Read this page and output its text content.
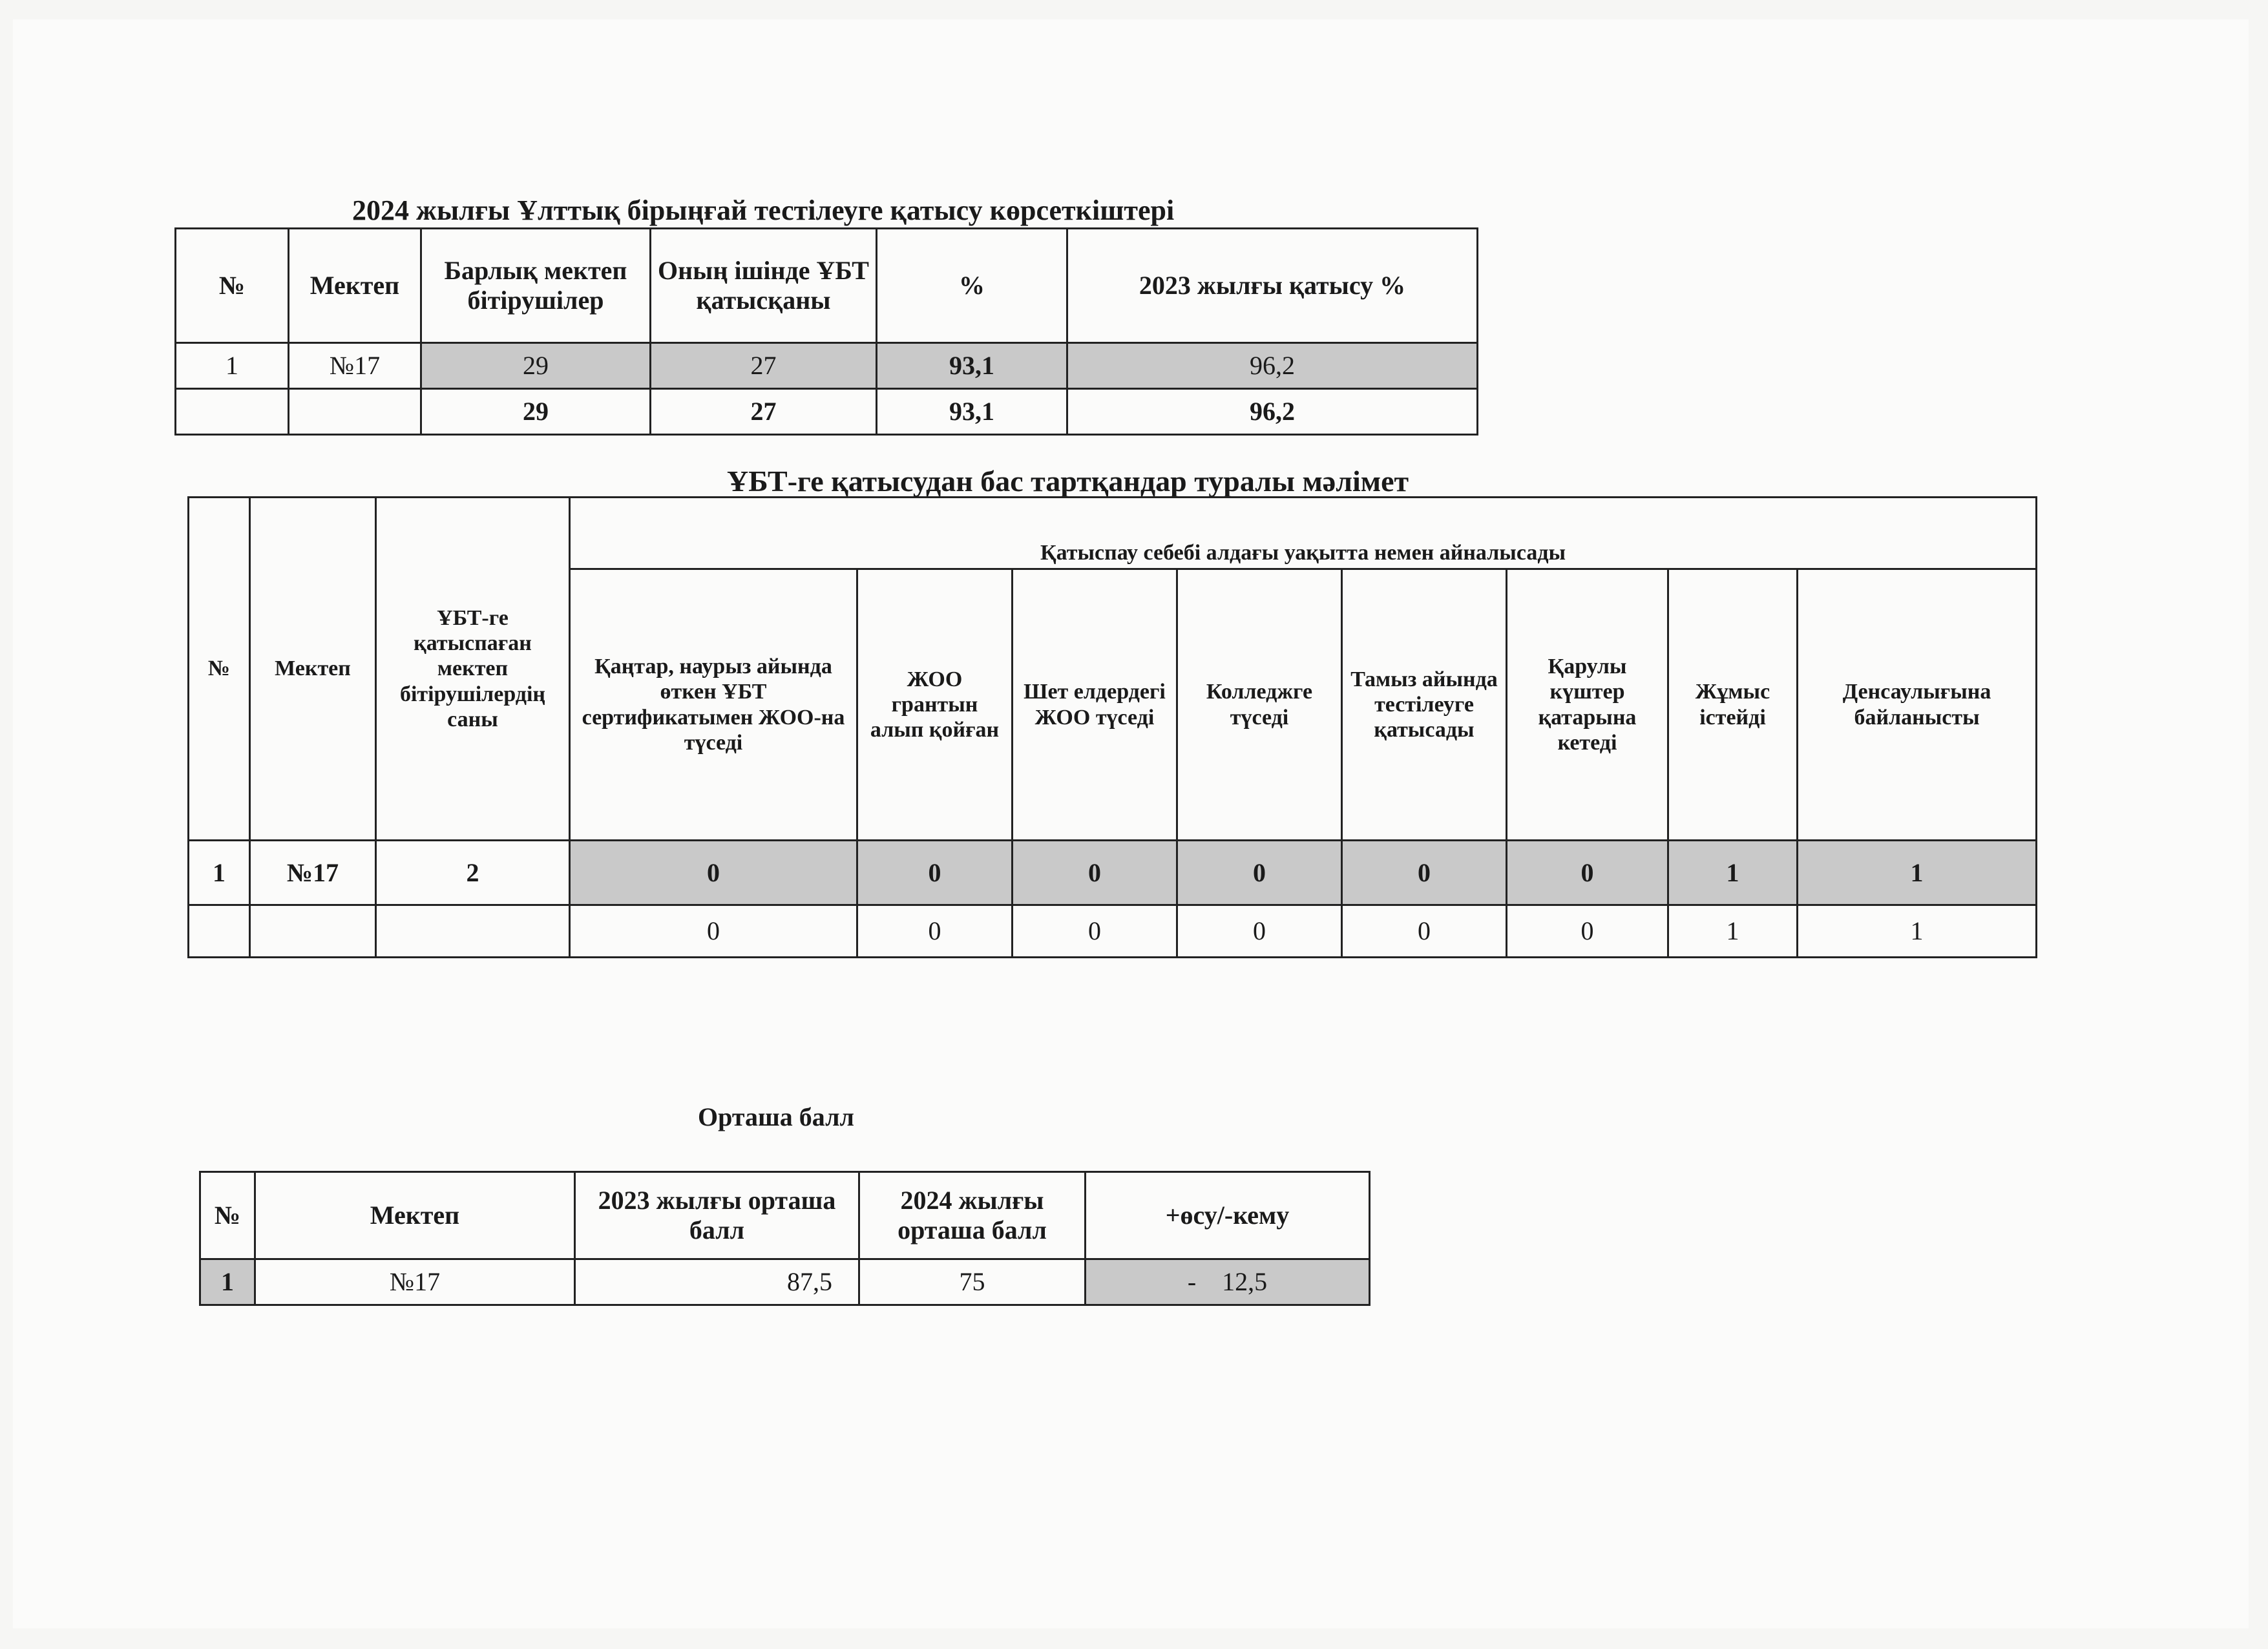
2024 жылғы Ұлттық бірыңғай тестілеуге қатысу көрсеткіштері
№	Мектеп	Барлық мектеп бітірушілер	Оның ішінде ҰБТ қатысқаны	%	2023 жылғы қатысу %
1	№17	29	27	93,1	96,2
		29	27	93,1	96,2
ҰБТ-ге қатысудан бас тартқандар туралы мәлімет
№	Мектеп	ҰБТ-ге қатыспаған мектеп бітірушілердің саны	Қатыспау себебі алдағы уақытта немен айналысады							
			Қаңтар, наурыз айында өткен ҰБТ сертификатымен ЖОО-на түседі	ЖОО грантын алып қойған	Шет елдердегі ЖОО түседі	Колледжге түседі	Тамыз айында тестілеуге қатысады	Қарулы күштер қатарына кетеді	Жұмыс істейді	Денсаулығына байланысты
1	№17	2	0	0	0	0	0	0	1	1
			0	0	0	0	0	0	1	1
Орташа балл
№	Мектеп	2023 жылғы орташа балл	2024 жылғы орташа балл	+өсу/-кему
1	№17	87,5	75	-    12,5
